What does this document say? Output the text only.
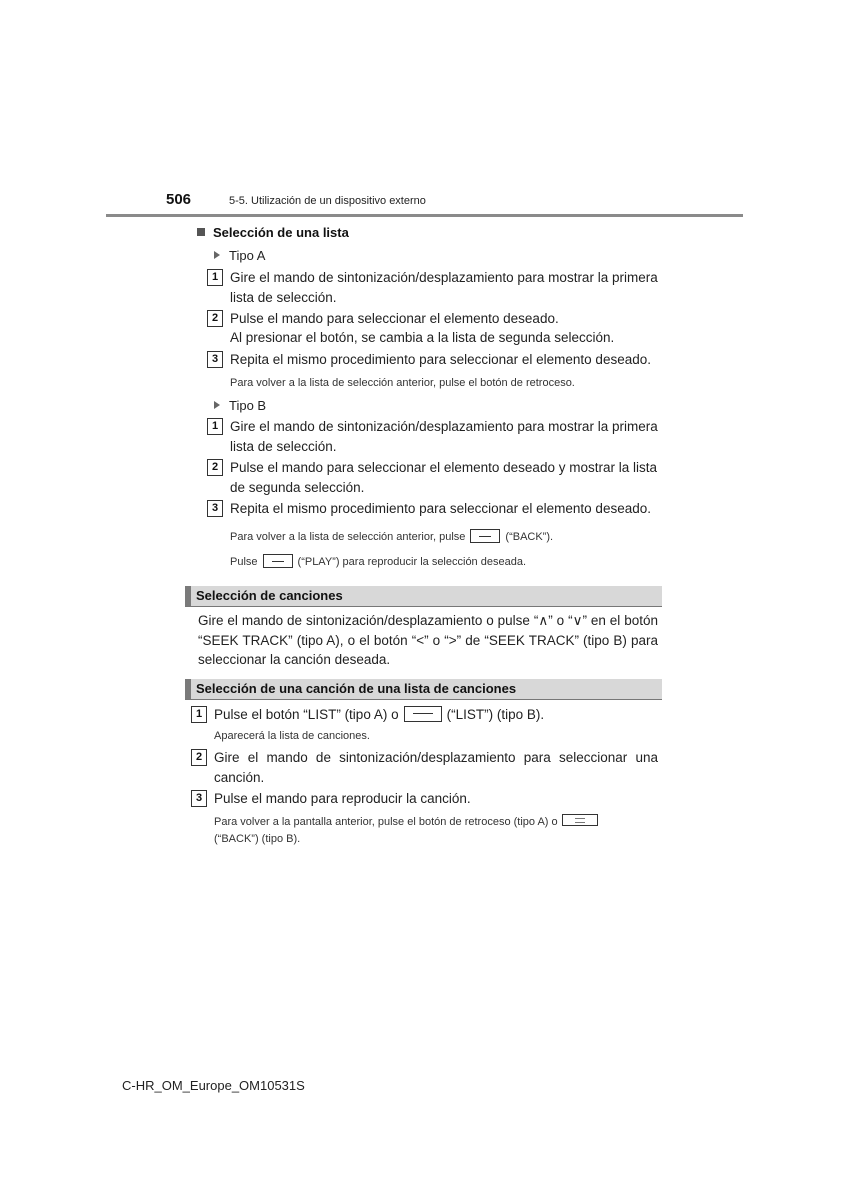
506	5-5. Utilización de un dispositivo externo
Selección de una lista
Tipo A
1 Gire el mando de sintonización/desplazamiento para mostrar la primera lista de selección.
2 Pulse el mando para seleccionar el elemento deseado.
Al presionar el botón, se cambia a la lista de segunda selección.
3 Repita el mismo procedimiento para seleccionar el elemento deseado.
Para volver a la lista de selección anterior, pulse el botón de retroceso.
Tipo B
1 Gire el mando de sintonización/desplazamiento para mostrar la primera lista de selección.
2 Pulse el mando para seleccionar el elemento deseado y mostrar la lista de segunda selección.
3 Repita el mismo procedimiento para seleccionar el elemento deseado.
Para volver a la lista de selección anterior, pulse	(“BACK”).
Pulse	(“PLAY”) para reproducir la selección deseada.
Selección de canciones
Gire el mando de sintonización/desplazamiento o pulse “∧” o “∨” en el botón “SEEK TRACK” (tipo A), o el botón “<” o “>” de “SEEK TRACK” (tipo B) para seleccionar la canción deseada.
Selección de una canción de una lista de canciones
1 Pulse el botón “LIST” (tipo A) o	(“LIST”) (tipo B).
Aparecerá la lista de canciones.
2 Gire el mando de sintonización/desplazamiento para seleccionar una canción.
3 Pulse el mando para reproducir la canción.
Para volver a la pantalla anterior, pulse el botón de retroceso (tipo A) o
(“BACK”) (tipo B).
C-HR_OM_Europe_OM10531S
